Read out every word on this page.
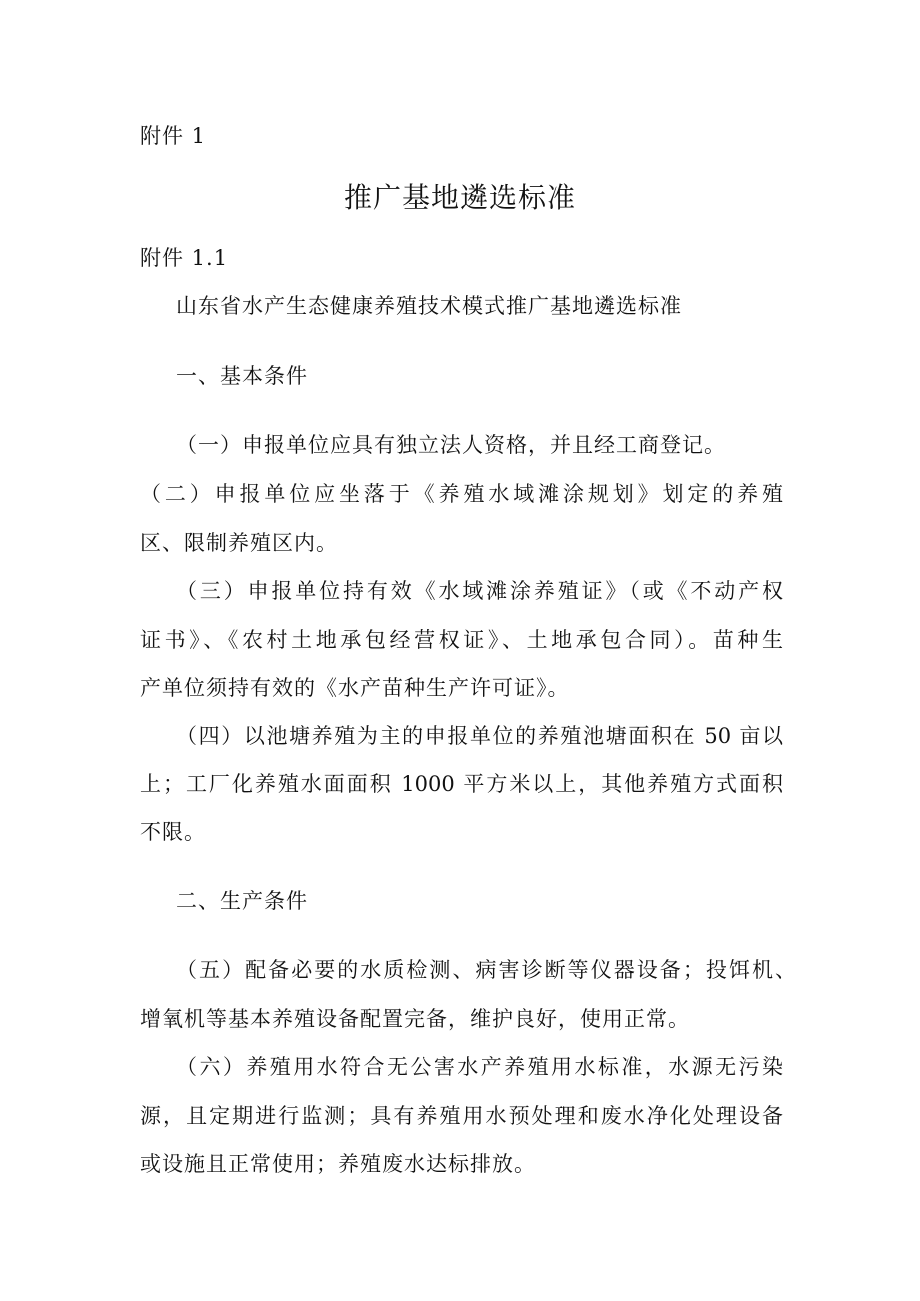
附件 1
推广基地遴选标准
附件 1.1
山东省水产生态健康养殖技术模式推广基地遴选标准
一、基本条件
（一）申报单位应具有独立法人资格，并且经工商登记。
（二）申报单位应坐落于《养殖水域滩涂规划》划定的养殖
区、限制养殖区内。
（三）申报单位持有效《水域滩涂养殖证》（或《不动产权
证书》、《农村土地承包经营权证》、土地承包合同）。苗种生
产单位须持有效的《水产苗种生产许可证》。
（四）以池塘养殖为主的申报单位的养殖池塘面积在 50 亩以
上；工厂化养殖水面面积 1000 平方米以上，其他养殖方式面积
不限。
二、生产条件
（五）配备必要的水质检测、病害诊断等仪器设备；投饵机、
增氧机等基本养殖设备配置完备，维护良好，使用正常。
（六）养殖用水符合无公害水产养殖用水标准，水源无污染
源，且定期进行监测；具有养殖用水预处理和废水净化处理设备
或设施且正常使用；养殖废水达标排放。
